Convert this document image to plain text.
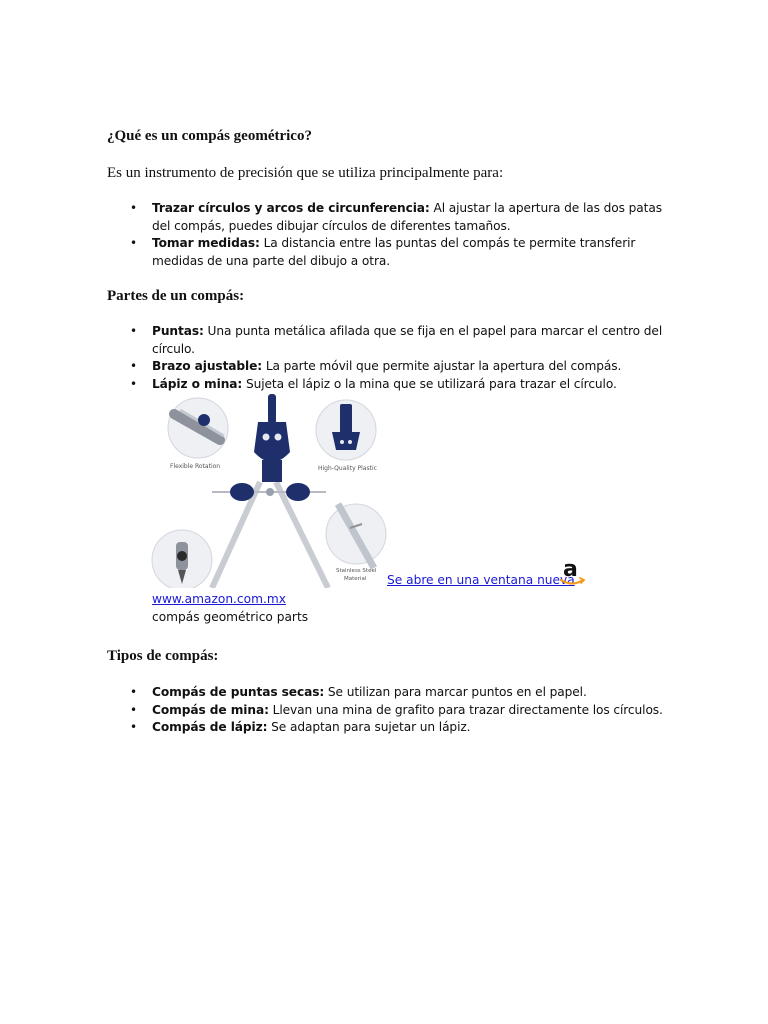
¿Qué es un compás geométrico?

Es un instrumento de precisión que se utiliza principalmente para:

• Trazar círculos y arcos de circunferencia: Al ajustar la apertura de las dos patas del compás, puedes dibujar círculos de diferentes tamaños.
• Tomar medidas: La distancia entre las puntas del compás te permite transferir medidas de una parte del dibujo a otra.
Partes de un compás:
• Puntas: Una punta metálica afilada que se fija en el papel para marcar el centro del círculo.
• Brazo ajustable: La parte móvil que permite ajustar la apertura del compás.
• Lápiz o mina: Sujeta el lápiz o la mina que se utilizará para trazar el círculo.
Flexible Rotation	High-Quality Plastic
Stainless Steel
Material Se abre en una ventana nueva
a
www.amazon.com.mx
compás geométrico parts
Tipos de compás:
• Compás de puntas secas: Se utilizan para marcar puntos en el papel.
• Compás de mina: Llevan una mina de grafito para trazar directamente los círculos.
• Compás de lápiz: Se adaptan para sujetar un lápiz.
